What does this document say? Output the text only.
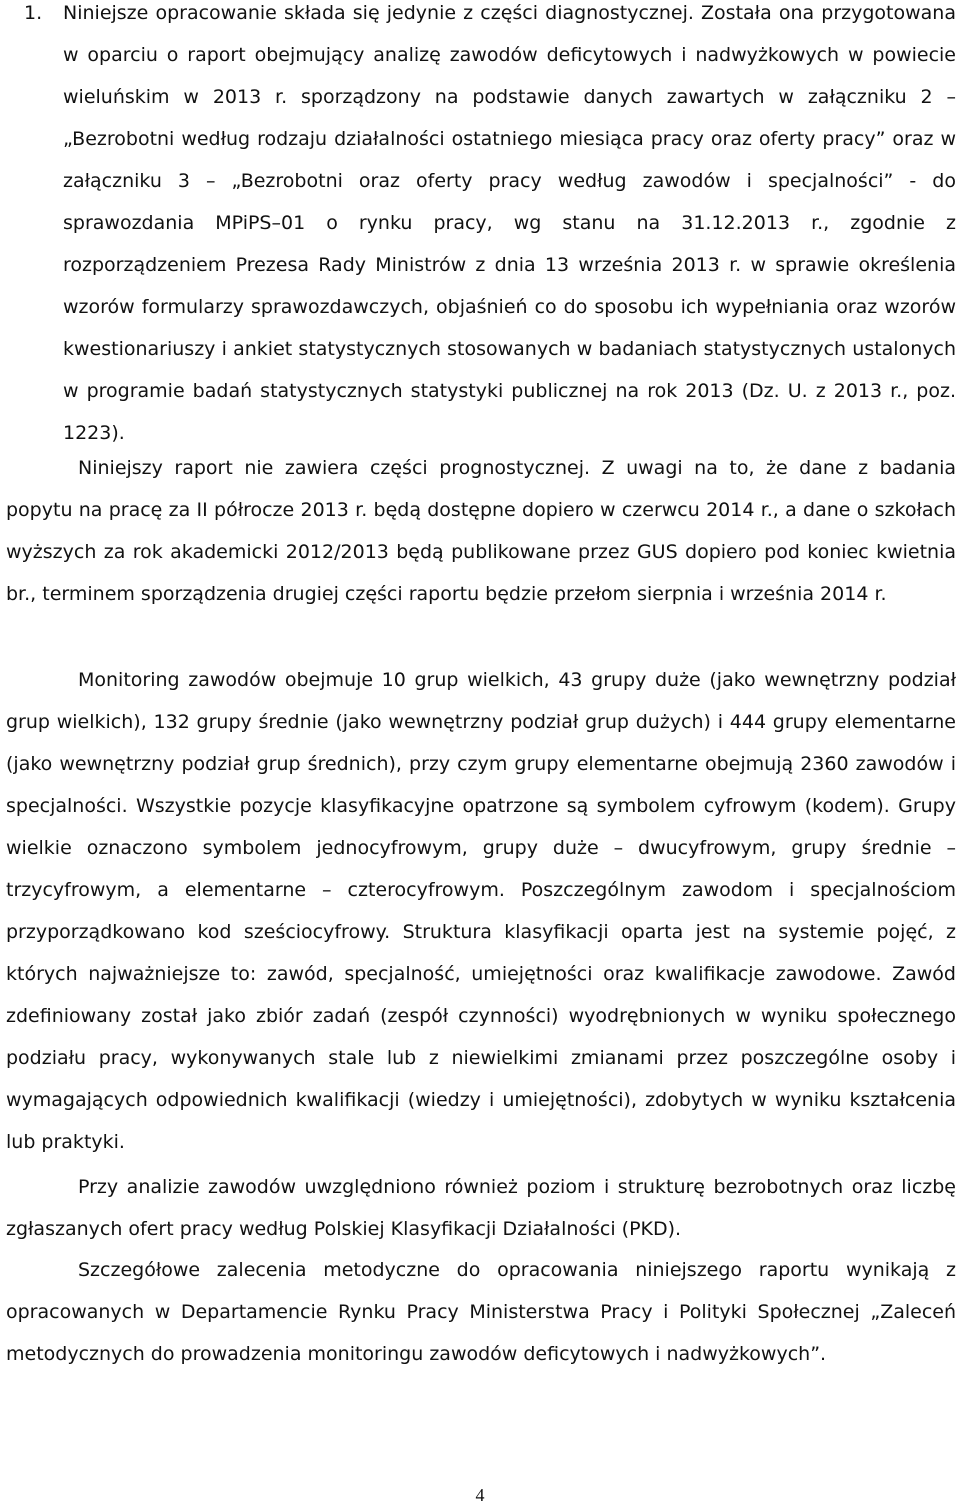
1. Niniejsze opracowanie składa się jedynie z części diagnostycznej. Została ona przygotowana w oparciu o raport obejmujący analizę zawodów deficytowych i nadwyżkowych w powiecie wieluńskim w 2013 r. sporządzony na podstawie danych zawartych w załączniku 2 – „Bezrobotni według rodzaju działalności ostatniego miesiąca pracy oraz oferty pracy” oraz w załączniku 3 – „Bezrobotni oraz oferty pracy według zawodów i specjalności” - do sprawozdania MPiPS–01 o rynku pracy, wg stanu na 31.12.2013 r., zgodnie z rozporządzeniem Prezesa Rady Ministrów z dnia 13 września 2013 r. w sprawie określenia wzorów formularzy sprawozdawczych, objaśnień co do sposobu ich wypełniania oraz wzorów kwestionariuszy i ankiet statystycznych stosowanych w badaniach statystycznych ustalonych w programie badań statystycznych statystyki publicznej na rok 2013 (Dz. U. z 2013 r., poz. 1223).

Niniejszy raport nie zawiera części prognostycznej. Z uwagi na to, że dane z badania popytu na pracę za II półrocze 2013 r. będą dostępne dopiero w czerwcu 2014 r., a dane o szkołach wyższych za rok akademicki 2012/2013 będą publikowane przez GUS dopiero pod koniec kwietnia br., terminem sporządzenia drugiej części raportu będzie przełom sierpnia i września 2014 r.

Monitoring zawodów obejmuje 10 grup wielkich, 43 grupy duże (jako wewnętrzny podział grup wielkich), 132 grupy średnie (jako wewnętrzny podział grup dużych) i 444 grupy elementarne (jako wewnętrzny podział grup średnich), przy czym grupy elementarne obejmują 2360 zawodów i specjalności. Wszystkie pozycje klasyfikacyjne opatrzone są symbolem cyfrowym (kodem). Grupy wielkie oznaczono symbolem jednocyfrowym, grupy duże – dwucyfrowym, grupy średnie – trzycyfrowym, a elementarne – czterocyfrowym. Poszczególnym zawodom i specjalnościom przyporządkowano kod sześciocyfrowy. Struktura klasyfikacji oparta jest na systemie pojęć, z których najważniejsze to: zawód, specjalność, umiejętności oraz kwalifikacje zawodowe. Zawód zdefiniowany został jako zbiór zadań (zespół czynności) wyodrębnionych w wyniku społecznego podziału pracy, wykonywanych stale lub z niewielkimi zmianami przez poszczególne osoby i wymagających odpowiednich kwalifikacji (wiedzy i umiejętności), zdobytych w wyniku kształcenia lub praktyki.

Przy analizie zawodów uwzględniono również poziom i strukturę bezrobotnych oraz liczbę zgłaszanych ofert pracy według Polskiej Klasyfikacji Działalności (PKD).

Szczegółowe zalecenia metodyczne do opracowania niniejszego raportu wynikają z opracowanych w Departamencie Rynku Pracy Ministerstwa Pracy i Polityki Społecznej „Zaleceń metodycznych do prowadzenia monitoringu zawodów deficytowych i nadwyżkowych”.

4
